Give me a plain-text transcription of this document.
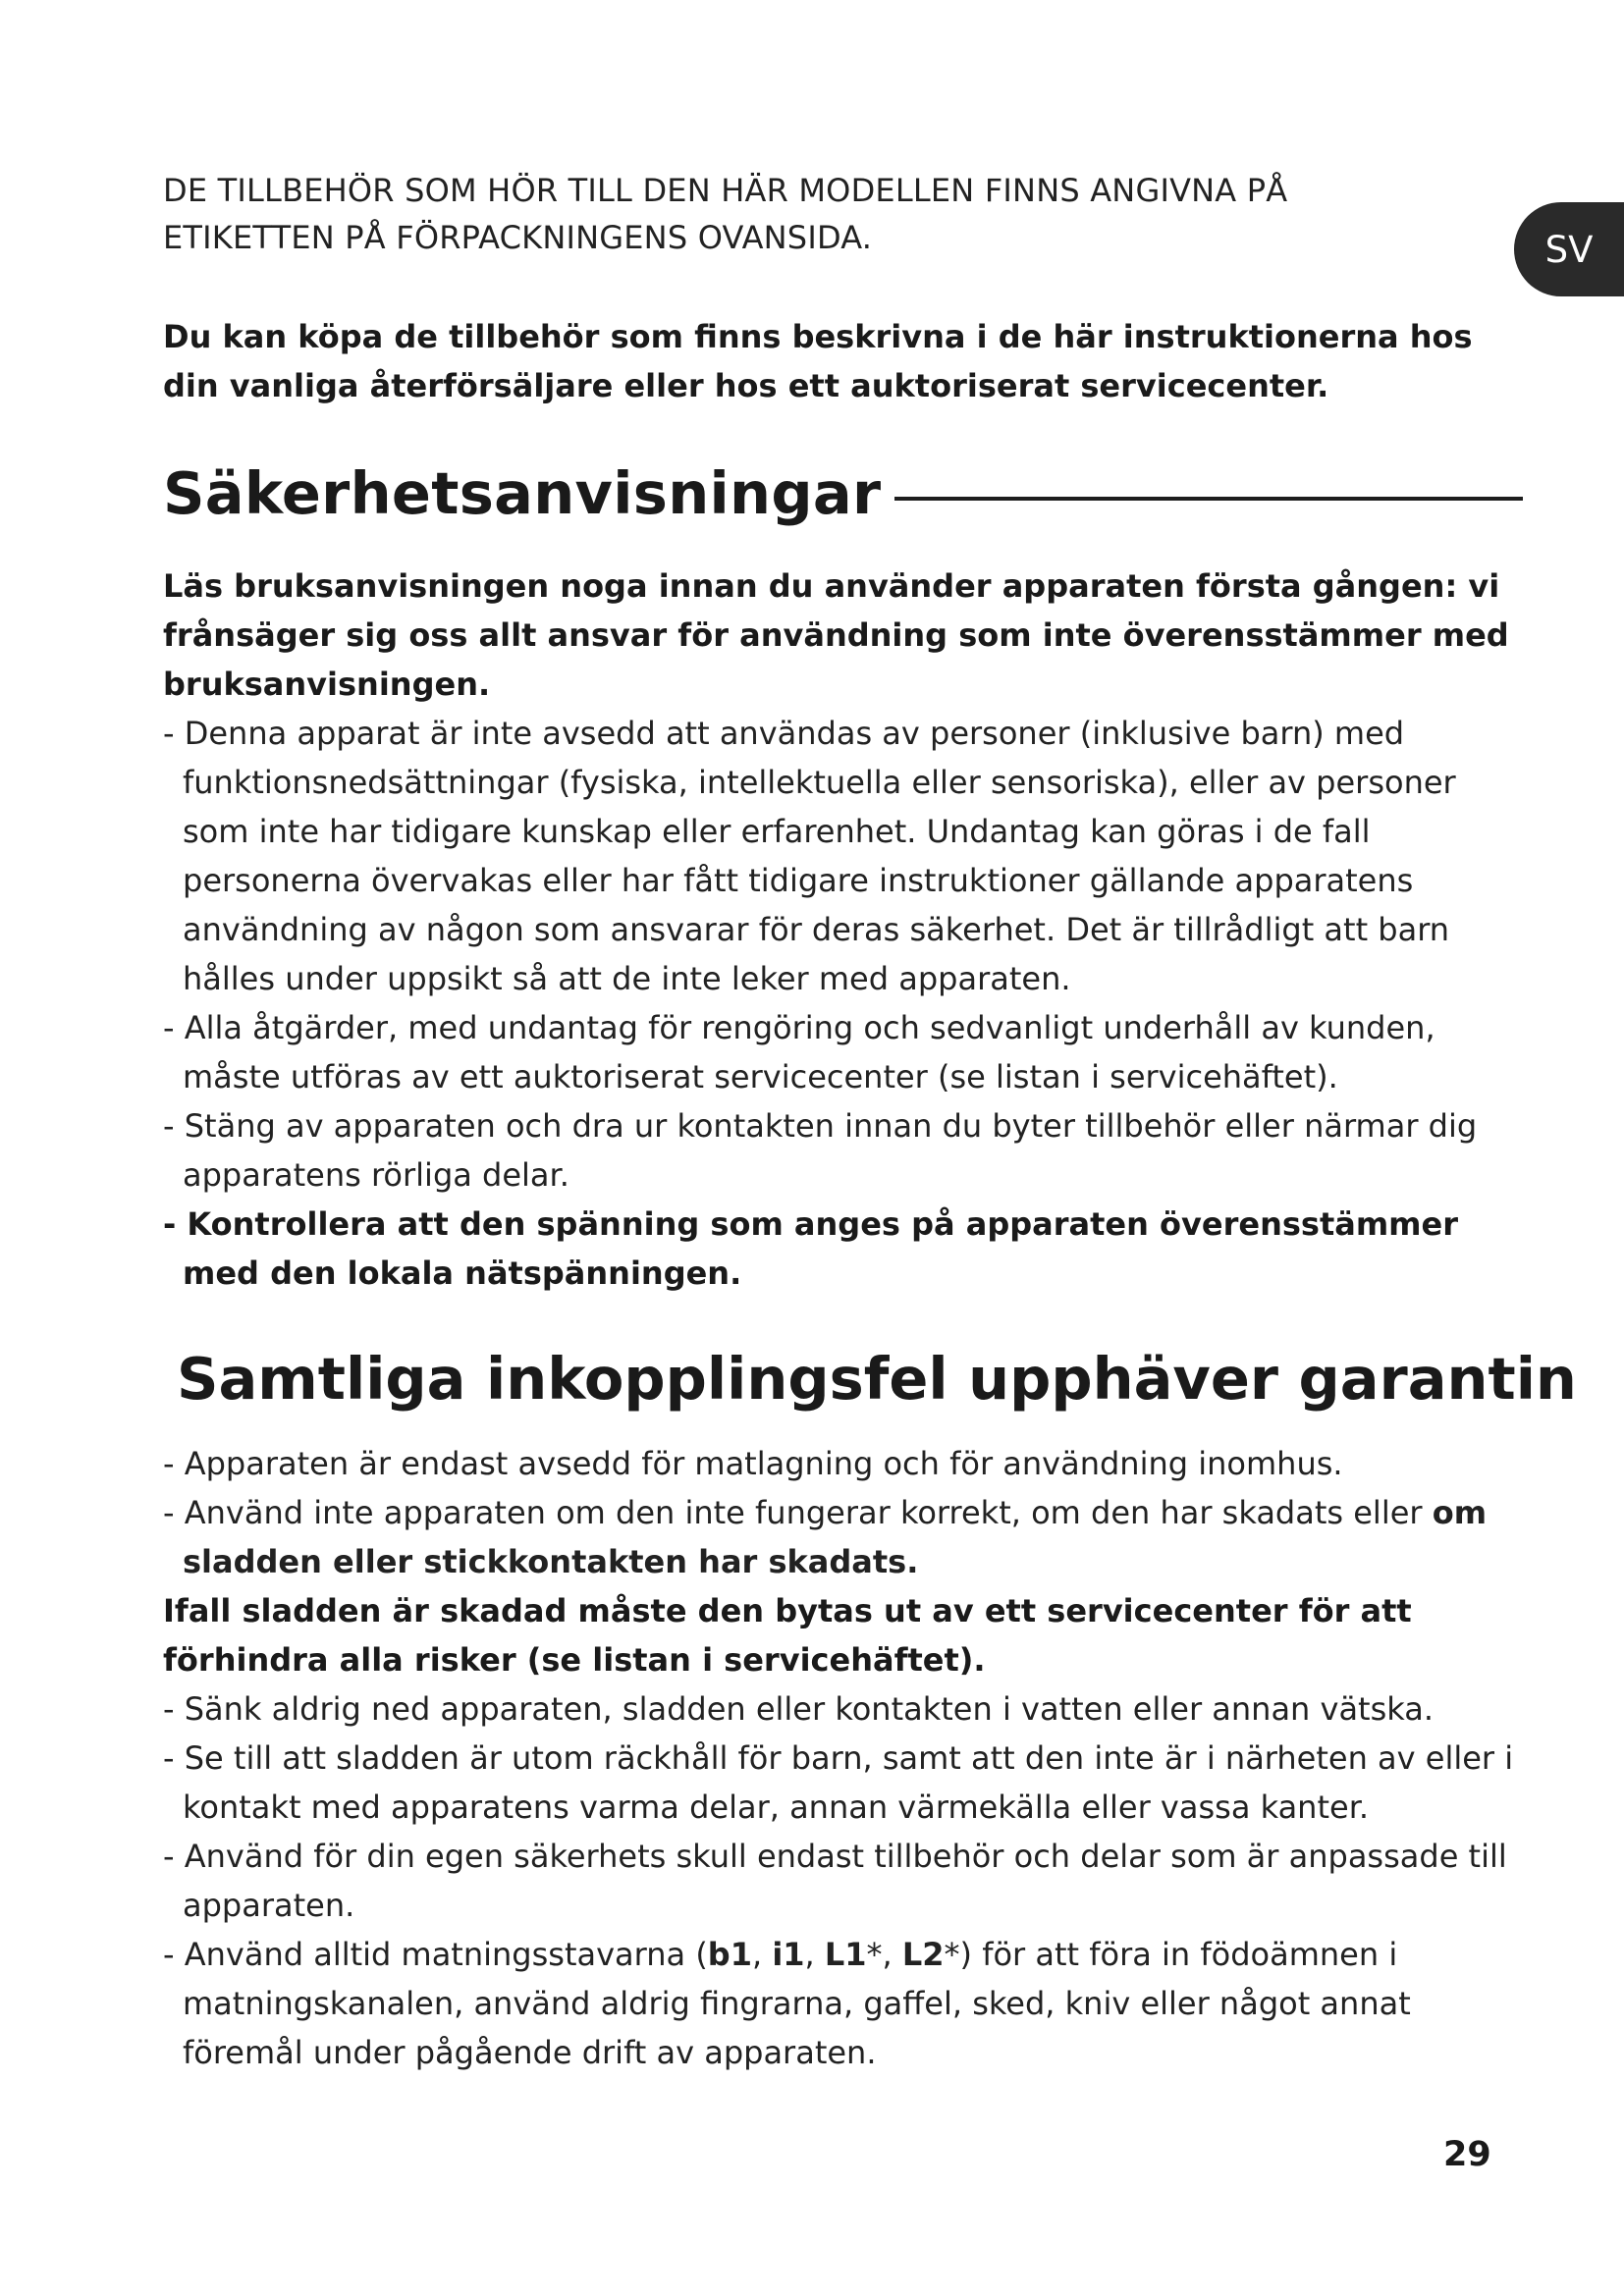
SV

DE TILLBEHÖR SOM HÖR TILL DEN HÄR MODELLEN FINNS ANGIVNA PÅ
ETIKETTEN PÅ FÖRPACKNINGENS OVANSIDA.

Du kan köpa de tillbehör som finns beskrivna i de här instruktionerna hos din vanliga återförsäljare eller hos ett auktoriserat servicecenter.

Säkerhetsanvisningar

Läs bruksanvisningen noga innan du använder apparaten första gången: vi frånsäger sig oss allt ansvar för användning som inte överensstämmer med bruksanvisningen.

- Denna apparat är inte avsedd att användas av personer (inklusive barn) med funktionsnedsättningar (fysiska, intellektuella eller sensoriska), eller av personer som inte har tidigare kunskap eller erfarenhet. Undantag kan göras i de fall personerna övervakas eller har fått tidigare instruktioner gällande apparatens användning av någon som ansvarar för deras säkerhet. Det är tillrådligt att barn hålles under uppsikt så att de inte leker med apparaten.
- Alla åtgärder, med undantag för rengöring och sedvanligt underhåll av kunden, måste utföras av ett auktoriserat servicecenter (se listan i servicehäftet).
- Stäng av apparaten och dra ur kontakten innan du byter tillbehör eller närmar dig apparatens rörliga delar.
- Kontrollera att den spänning som anges på apparaten överensstämmer med den lokala nätspänningen.
Samtliga inkopplingsfel upphäver garantin
- Apparaten är endast avsedd för matlagning och för användning inomhus.
- Använd inte apparaten om den inte fungerar korrekt, om den har skadats eller om sladden eller stickkontakten har skadats.

Ifall sladden är skadad måste den bytas ut av ett servicecenter för att förhindra alla risker (se listan i servicehäftet).

- Sänk aldrig ned apparaten, sladden eller kontakten i vatten eller annan vätska.
- Se till att sladden är utom räckhåll för barn, samt att den inte är i närheten av eller i kontakt med apparatens varma delar, annan värmekälla eller vassa kanter.
- Använd för din egen säkerhets skull endast tillbehör och delar som är anpassade till apparaten.
- Använd alltid matningsstavarna (b1, i1, L1*, L2*) för att föra in födoämnen i matningskanalen, använd aldrig fingrarna, gaffel, sked, kniv eller något annat föremål under pågående drift av apparaten.
29
